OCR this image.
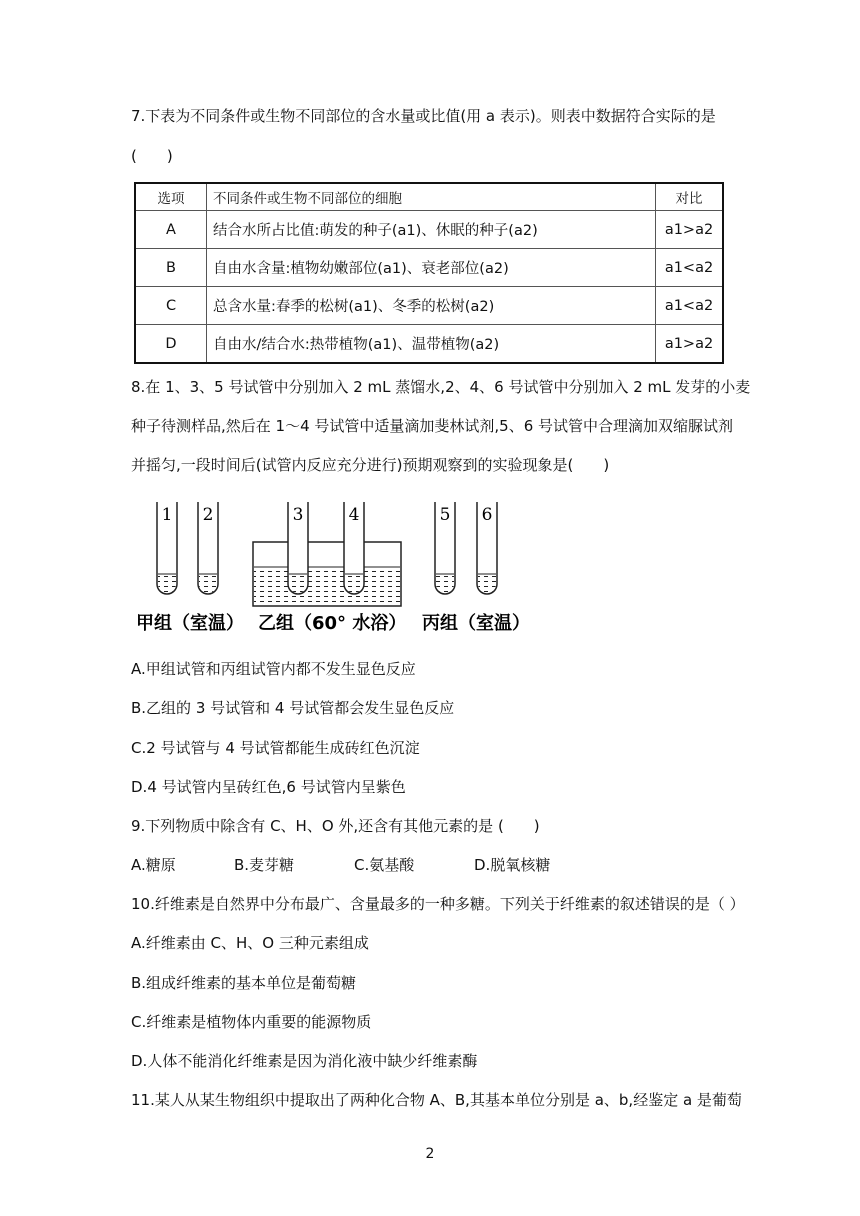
7.下表为不同条件或生物不同部位的含水量或比值(用 a 表示)。则表中数据符合实际的是
(　　)
选项	不同条件或生物不同部位的细胞	对比
A	结合水所占比值:萌发的种子(a1)、休眠的种子(a2)	a1>a2
B	自由水含量:植物幼嫩部位(a1)、衰老部位(a2)	a1<a2
C	总含水量:春季的松树(a1)、冬季的松树(a2)	a1<a2
D	自由水/结合水:热带植物(a1)、温带植物(a2)	a1>a2
8.在 1、3、5 号试管中分别加入 2 mL 蒸馏水,2、4、6 号试管中分别加入 2 mL 发芽的小麦
种子待测样品,然后在 1～4 号试管中适量滴加斐林试剂,5、6 号试管中合理滴加双缩脲试剂
并摇匀,一段时间后(试管内反应充分进行)预期观察到的实验现象是(　　)
1 2	3	4	5 6
甲组（室温） 乙组（60° 水浴） 丙组（室温）
A.甲组试管和丙组试管内都不发生显色反应
B.乙组的 3 号试管和 4 号试管都会发生显色反应
C.2 号试管与 4 号试管都能生成砖红色沉淀
D.4 号试管内呈砖红色,6 号试管内呈紫色
9.下列物质中除含有 C、H、O 外,还含有其他元素的是 (　　)
A.糖原	B.麦芽糖	C.氨基酸	D.脱氧核糖
10.纤维素是自然界中分布最广、含量最多的一种多糖。下列关于纤维素的叙述错误的是（ ）
A.纤维素由 C、H、O 三种元素组成
B.组成纤维素的基本单位是葡萄糖
C.纤维素是植物体内重要的能源物质
D.人体不能消化纤维素是因为消化液中缺少纤维素酶
11.某人从某生物组织中提取出了两种化合物 A、B,其基本单位分别是 a、b,经鉴定 a 是葡萄
2
